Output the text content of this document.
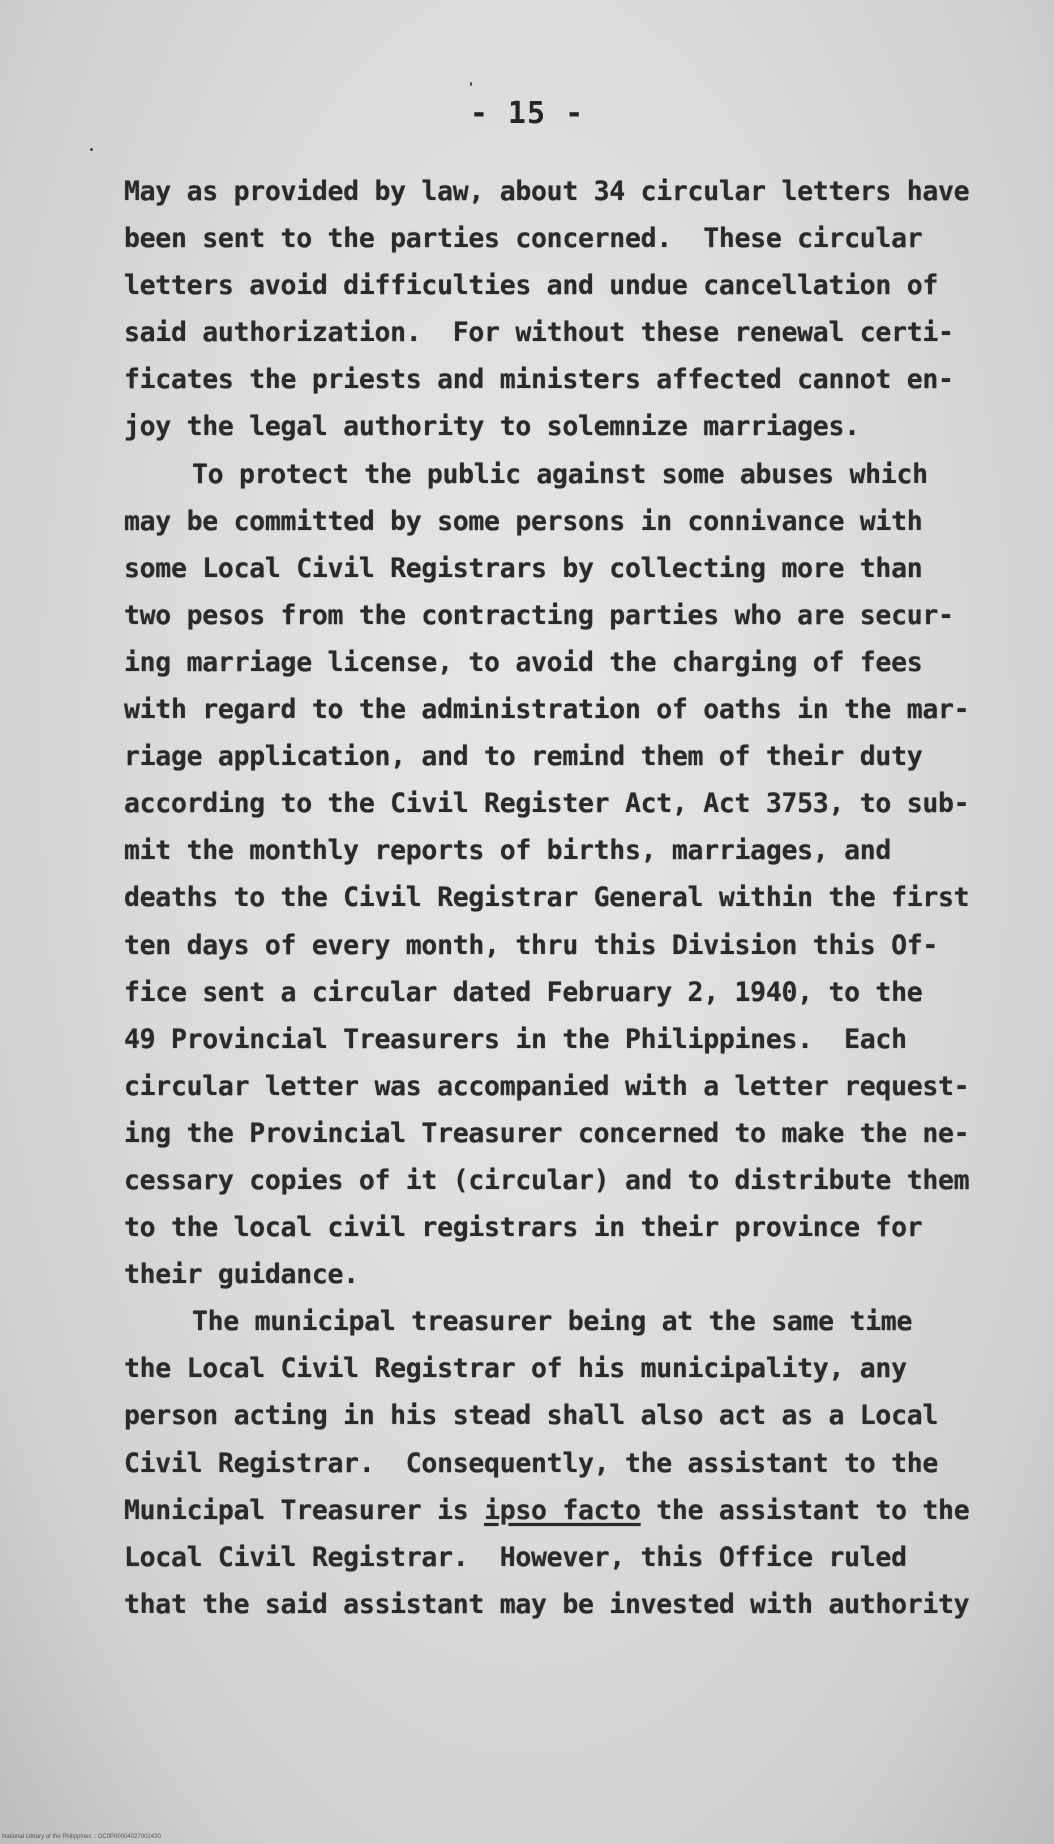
- 15 -
May as provided by law, about 34 circular letters have
been sent to the parties concerned.  These circular
letters avoid difficulties and undue cancellation of
said authorization.  For without these renewal certi-
ficates the priests and ministers affected cannot en-
joy the legal authority to solemnize marriages.
To protect the public against some abuses which
may be committed by some persons in connivance with
some Local Civil Registrars by collecting more than
two pesos from the contracting parties who are secur-
ing marriage license, to avoid the charging of fees
with regard to the administration of oaths in the mar-
riage application, and to remind them of their duty
according to the Civil Register Act, Act 3753, to sub-
mit the monthly reports of births, marriages, and
deaths to the Civil Registrar General within the first
ten days of every month, thru this Division this Of-
fice sent a circular dated February 2, 1940, to the
49 Provincial Treasurers in the Philippines.  Each
circular letter was accompanied with a letter request-
ing the Provincial Treasurer concerned to make the ne-
cessary copies of it (circular) and to distribute them
to the local civil registrars in their province for
their guidance.
The municipal treasurer being at the same time
the Local Civil Registrar of his municipality, any
person acting in his stead shall also act as a Local
Civil Registrar.  Consequently, the assistant to the
Municipal Treasurer is ipso facto the assistant to the
Local Civil Registrar.  However, this Office ruled
that the said assistant may be invested with authority
National Library of the Philippines :: DC0P00004027002430
